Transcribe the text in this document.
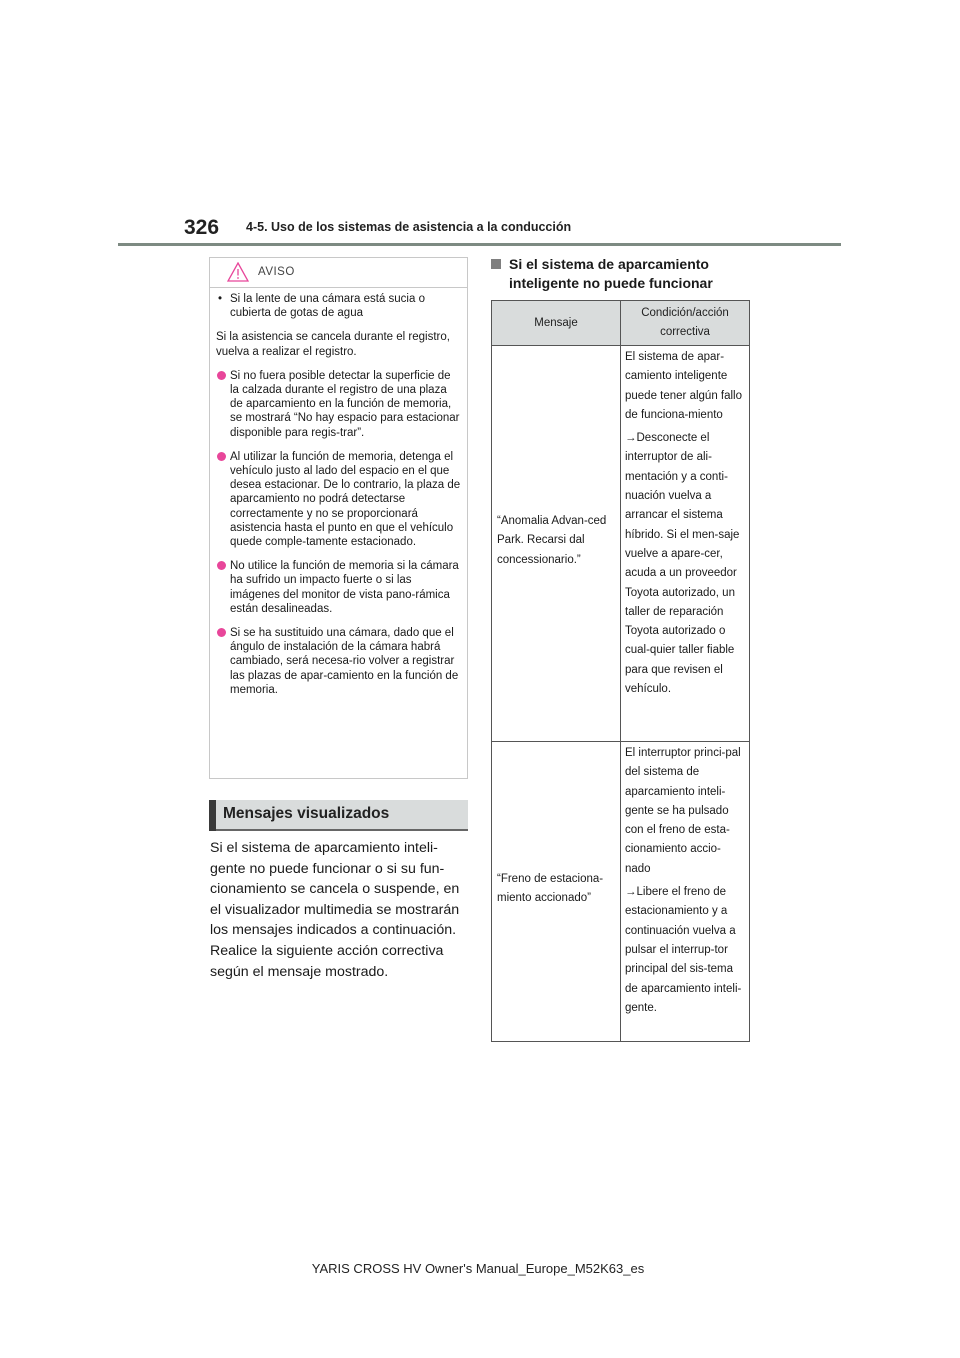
326 4-5. Uso de los sistemas de asistencia a la conducción
AVISO
• Si la lente de una cámara está sucia o cubierta de gotas de agua
Si la asistencia se cancela durante el registro, vuelva a realizar el registro.
Si no fuera posible detectar la superficie de la calzada durante el registro de una plaza de aparcamiento en la función de memoria, se mostrará “No hay espacio para estacionar disponible para regis-trar”.
Al utilizar la función de memoria, detenga el vehículo justo al lado del espacio en el que desea estacionar. De lo contrario, la plaza de aparcamiento no podrá detectarse correctamente y no se proporcionará asistencia hasta el punto en que el vehículo quede comple-tamente estacionado.
No utilice la función de memoria si la cámara ha sufrido un impacto fuerte o si las imágenes del monitor de vista pano-rámica están desalineadas.
Si se ha sustituido una cámara, dado que el ángulo de instalación de la cámara habrá cambiado, será necesa-rio volver a registrar las plazas de apar-camiento en la función de memoria.
Mensajes visualizados
Si el sistema de aparcamiento inteli-gente no puede funcionar o si su fun-cionamiento se cancela o suspende, en el visualizador multimedia se mostrarán los mensajes indicados a continuación. Realice la siguiente acción correctiva según el mensaje mostrado.
Si el sistema de aparcamiento inteligente no puede funcionar
Mensaje
Condición/acción correctiva
“Anomalia Advan-ced Park. Recarsi dal concessionario.”

El sistema de apar-camiento inteligente puede tener algún fallo de funciona-miento

→Desconecte el interruptor de ali-mentación y a conti-nuación vuelva a arrancar el sistema híbrido. Si el men-saje vuelve a apare-cer, acuda a un proveedor Toyota autorizado, un taller de reparación Toyota autorizado o cual-quier taller fiable para que revisen el vehículo.

“Freno de estaciona-miento accionado”

El interruptor princi-pal del sistema de aparcamiento inteli-gente se ha pulsado con el freno de esta-cionamiento accio-nado

→Libere el freno de estacionamiento y a continuación vuelva a pulsar el interrup-tor principal del sis-tema de aparcamiento inteli-gente.

YARIS CROSS HV Owner's Manual_Europe_M52K63_es
